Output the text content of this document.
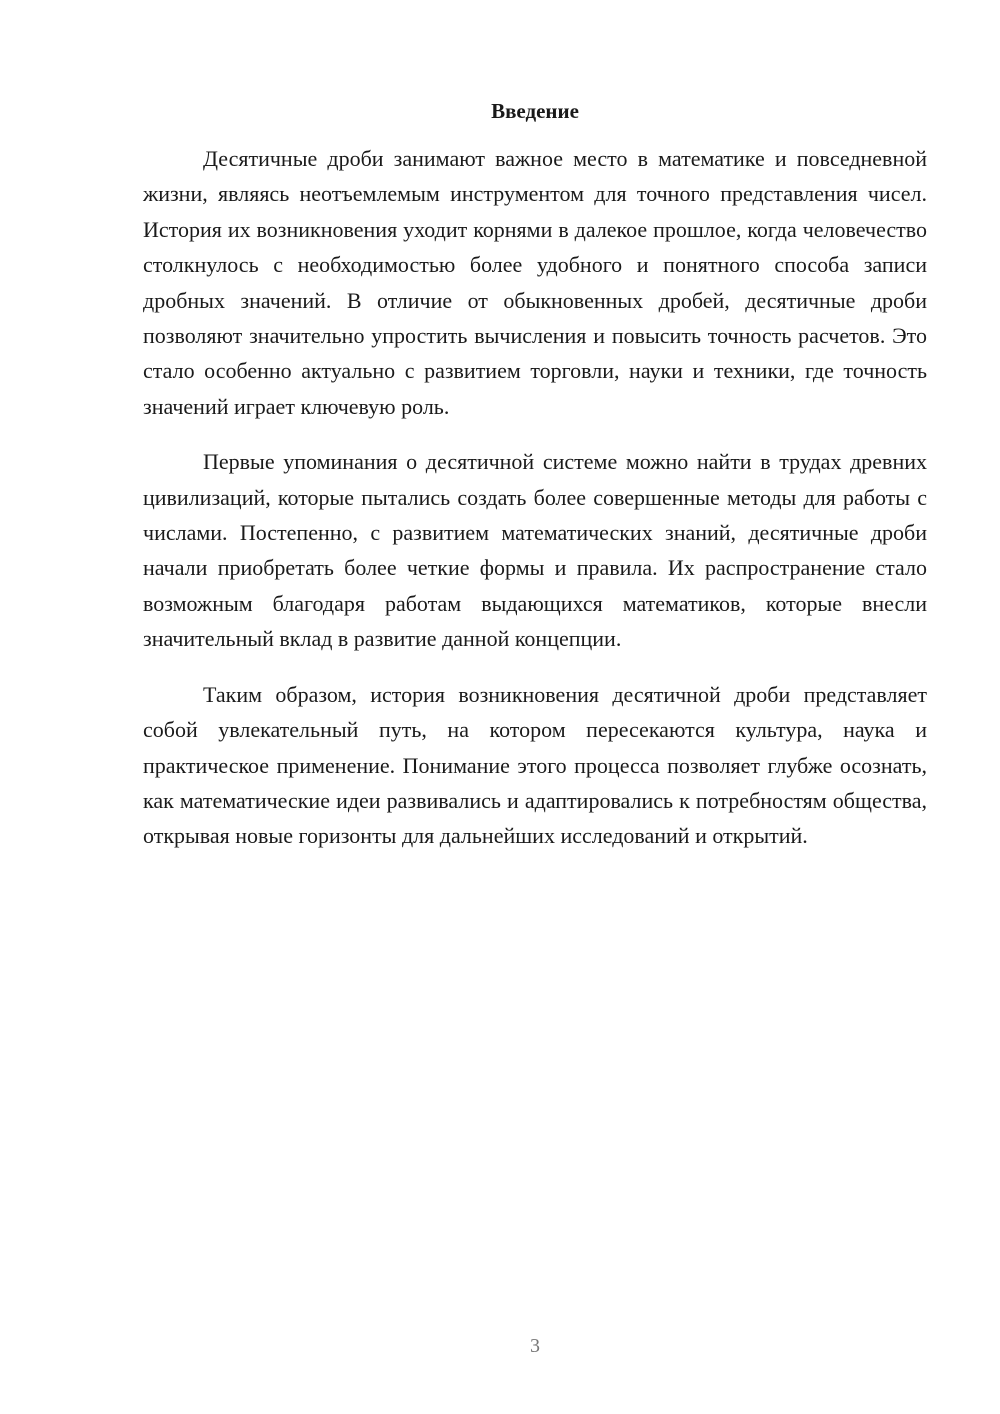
Введение

Десятичные дроби занимают важное место в математике и повседневной жизни, являясь неотъемлемым инструментом для точного представления чисел. История их возникновения уходит корнями в далекое прошлое, когда человечество столкнулось с необходимостью более удобного и понятного способа записи дробных значений. В отличие от обыкновенных дробей, десятичные дроби позволяют значительно упростить вычисления и повысить точность расчетов. Это стало особенно актуально с развитием торговли, науки и техники, где точность значений играет ключевую роль.

Первые упоминания о десятичной системе можно найти в трудах древних цивилизаций, которые пытались создать более совершенные методы для работы с числами. Постепенно, с развитием математических знаний, десятичные дроби начали приобретать более четкие формы и правила. Их распространение стало возможным благодаря работам выдающихся математиков, которые внесли значительный вклад в развитие данной концепции.

Таким образом, история возникновения десятичной дроби представляет собой увлекательный путь, на котором пересекаются культура, наука и практическое применение. Понимание этого процесса позволяет глубже осознать, как математические идеи развивались и адаптировались к потребностям общества, открывая новые горизонты для дальнейших исследований и открытий.

3
